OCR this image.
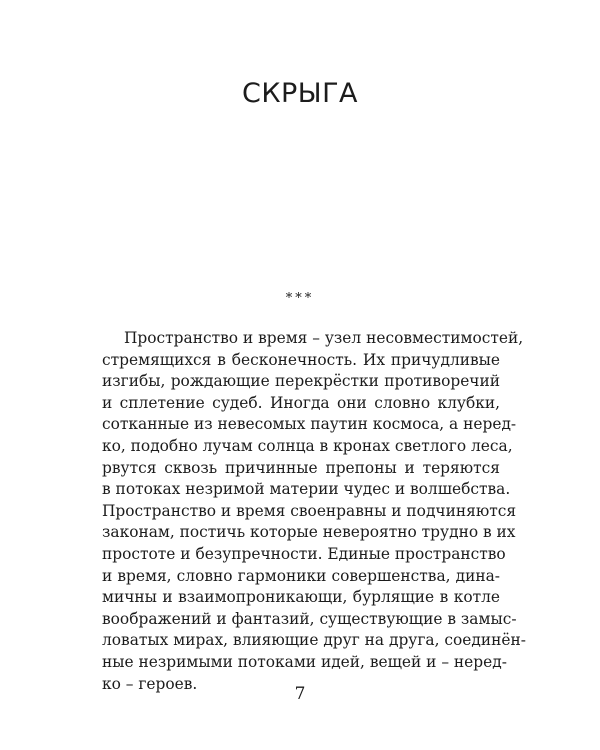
СКРЫГА
***
Пространство и время – узел несовместимостей,
стремящихся в бесконечность. Их причудливые
изгибы, рождающие перекрёстки противоречий
и сплетение судеб. Иногда они словно клубки,
сотканные из невесомых паутин космоса, а неред-
ко, подобно лучам солнца в кронах светлого леса,
рвутся сквозь причинные препоны и теряются
в потоках незримой материи чудес и волшебства.
Пространство и время своенравны и подчиняются
законам, постичь которые невероятно трудно в их
простоте и безупречности. Единые пространство
и время, словно гармоники совершенства, дина-
мичны и взаимопроникающи, бурлящие в котле
воображений и фантазий, существующие в замыс-
ловатых мирах, влияющие друг на друга, соединён-
ные незримыми потоками идей, вещей и – неред-
ко – героев.
7
